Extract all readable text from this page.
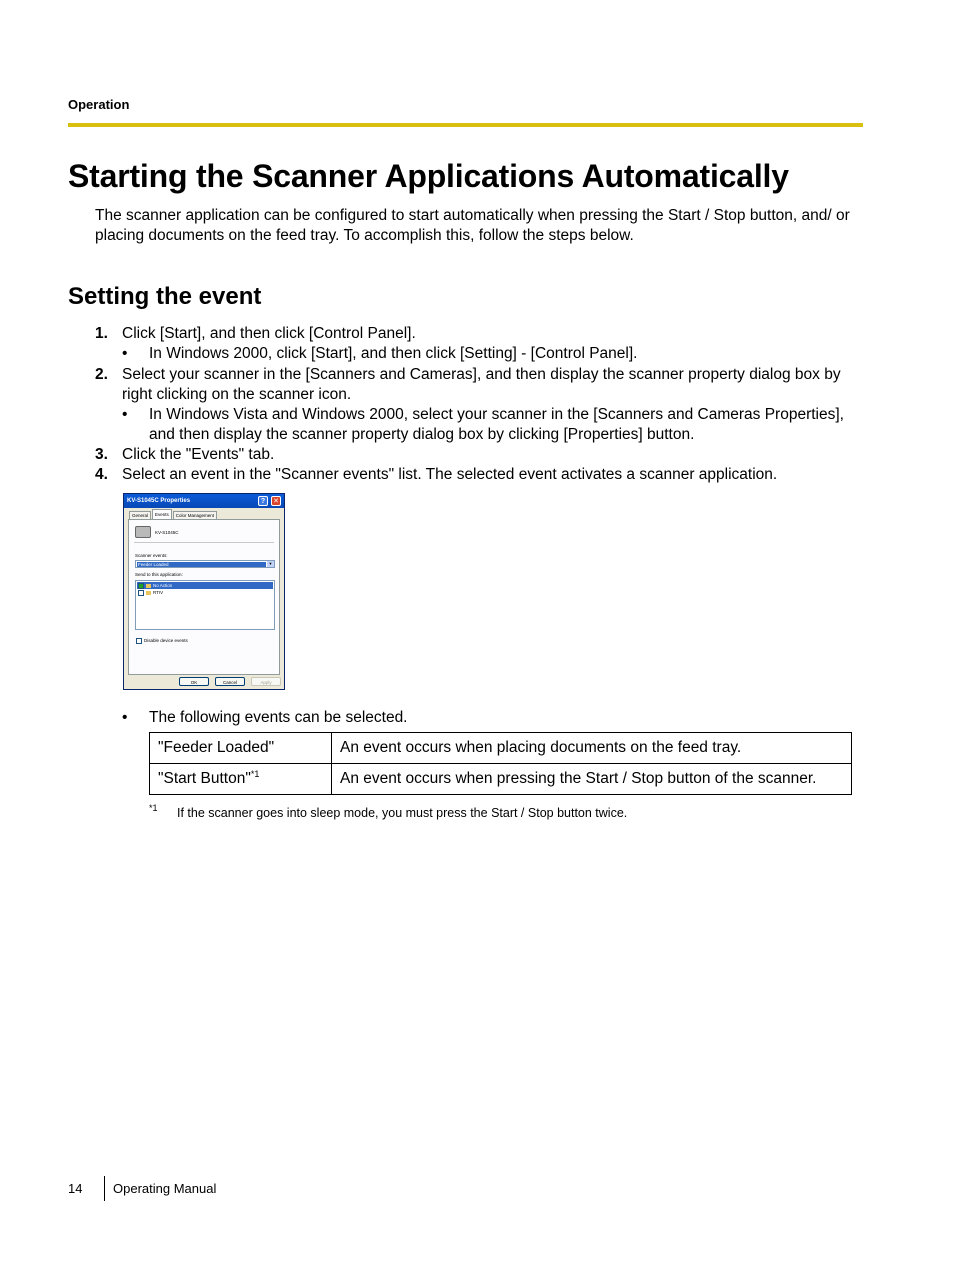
Operation
Starting the Scanner Applications Automatically

The scanner application can be configured to start automatically when pressing the Start / Stop button, and/ or placing documents on the feed tray. To accomplish this, follow the steps below.

Setting the event
1. Click [Start], and then click [Control Panel].
• In Windows 2000, click [Start], and then click [Setting] - [Control Panel].
2. Select your scanner in the [Scanners and Cameras], and then display the scanner property dialog box by right clicking on the scanner icon.
• In Windows Vista and Windows 2000, select your scanner in the [Scanners and Cameras Properties], and then display the scanner property dialog box by clicking [Properties] button.
3. Click the "Events" tab.
4. Select an event in the "Scanner events" list. The selected event activates a scanner application.
KV-S1045C Properties	?	✕
General	Events	Color Management
KV-S1045C
Scanner events:
Feeder Loaded	▼
Send to this application:
No Action
RTIV
Disable device events
OK	Cancel	Apply
• The following events can be selected.
"Feeder Loaded"	An event occurs when placing documents on the feed tray.
"Start Button"$^{*1}$	An event occurs when pressing the Start / Stop button of the scanner.
*1 If the scanner goes into sleep mode, you must press the Start / Stop button twice.
14 Operating Manual
